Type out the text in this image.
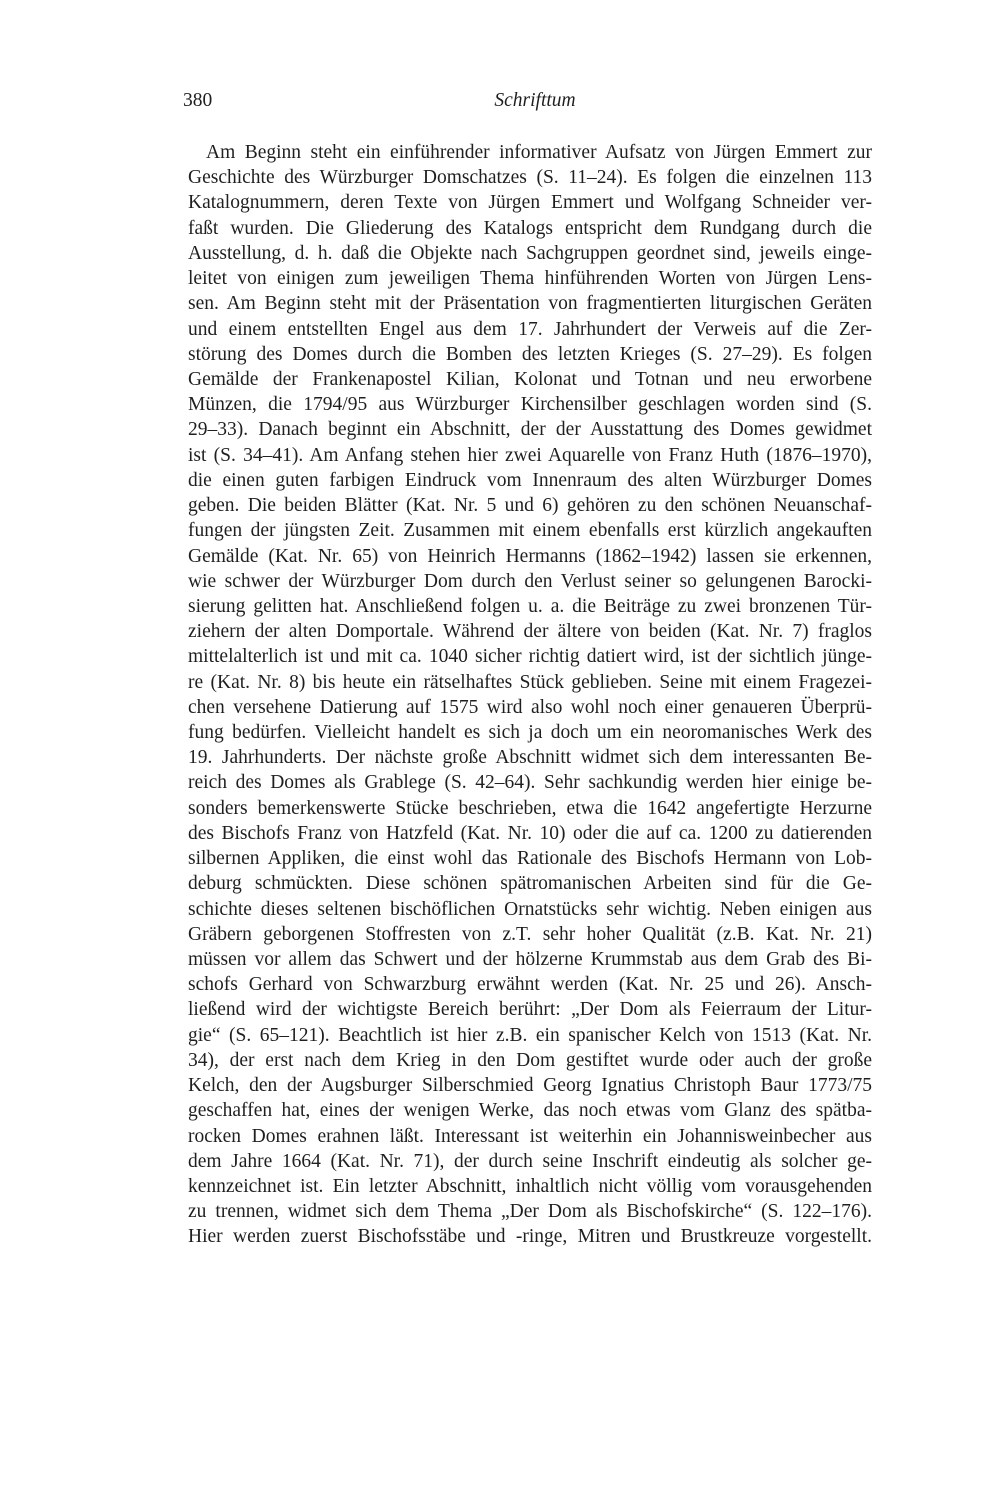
380	Schrifttum
Am Beginn steht ein einführender informativer Aufsatz von Jürgen Emmert zur
Geschichte des Würzburger Domschatzes (S. 11–24). Es folgen die einzelnen 113
Katalognummern, deren Texte von Jürgen Emmert und Wolfgang Schneider ver-
faßt wurden. Die Gliederung des Katalogs entspricht dem Rundgang durch die
Ausstellung, d. h. daß die Objekte nach Sachgruppen geordnet sind, jeweils einge-
leitet von einigen zum jeweiligen Thema hinführenden Worten von Jürgen Lens-
sen. Am Beginn steht mit der Präsentation von fragmentierten liturgischen Geräten
und einem entstellten Engel aus dem 17. Jahrhundert der Verweis auf die Zer-
störung des Domes durch die Bomben des letzten Krieges (S. 27–29). Es folgen
Gemälde der Frankenapostel Kilian, Kolonat und Totnan und neu erworbene
Münzen, die 1794/95 aus Würzburger Kirchensilber geschlagen worden sind (S.
29–33). Danach beginnt ein Abschnitt, der der Ausstattung des Domes gewidmet
ist (S. 34–41). Am Anfang stehen hier zwei Aquarelle von Franz Huth (1876–1970),
die einen guten farbigen Eindruck vom Innenraum des alten Würzburger Domes
geben. Die beiden Blätter (Kat. Nr. 5 und 6) gehören zu den schönen Neuanschaf-
fungen der jüngsten Zeit. Zusammen mit einem ebenfalls erst kürzlich angekauften
Gemälde (Kat. Nr. 65) von Heinrich Hermanns (1862–1942) lassen sie erkennen,
wie schwer der Würzburger Dom durch den Verlust seiner so gelungenen Barocki-
sierung gelitten hat. Anschließend folgen u. a. die Beiträge zu zwei bronzenen Tür-
ziehern der alten Domportale. Während der ältere von beiden (Kat. Nr. 7) fraglos
mittelalterlich ist und mit ca. 1040 sicher richtig datiert wird, ist der sichtlich jünge-
re (Kat. Nr. 8) bis heute ein rätselhaftes Stück geblieben. Seine mit einem Fragezei-
chen versehene Datierung auf 1575 wird also wohl noch einer genaueren Überprü-
fung bedürfen. Vielleicht handelt es sich ja doch um ein neoromanisches Werk des
19. Jahrhunderts. Der nächste große Abschnitt widmet sich dem interessanten Be-
reich des Domes als Grablege (S. 42–64). Sehr sachkundig werden hier einige be-
sonders bemerkenswerte Stücke beschrieben, etwa die 1642 angefertigte Herzurne
des Bischofs Franz von Hatzfeld (Kat. Nr. 10) oder die auf ca. 1200 zu datierenden
silbernen Appliken, die einst wohl das Rationale des Bischofs Hermann von Lob-
deburg schmückten. Diese schönen spätromanischen Arbeiten sind für die Ge-
schichte dieses seltenen bischöflichen Ornatstücks sehr wichtig. Neben einigen aus
Gräbern geborgenen Stoffresten von z.T. sehr hoher Qualität (z.B. Kat. Nr. 21)
müssen vor allem das Schwert und der hölzerne Krummstab aus dem Grab des Bi-
schofs Gerhard von Schwarzburg erwähnt werden (Kat. Nr. 25 und 26). Ansch-
ließend wird der wichtigste Bereich berührt: „Der Dom als Feierraum der Litur-
gie“ (S. 65–121). Beachtlich ist hier z.B. ein spanischer Kelch von 1513 (Kat. Nr.
34), der erst nach dem Krieg in den Dom gestiftet wurde oder auch der große
Kelch, den der Augsburger Silberschmied Georg Ignatius Christoph Baur 1773/75
geschaffen hat, eines der wenigen Werke, das noch etwas vom Glanz des spätba-
rocken Domes erahnen läßt. Interessant ist weiterhin ein Johannisweinbecher aus
dem Jahre 1664 (Kat. Nr. 71), der durch seine Inschrift eindeutig als solcher ge-
kennzeichnet ist. Ein letzter Abschnitt, inhaltlich nicht völlig vom vorausgehenden
zu trennen, widmet sich dem Thema „Der Dom als Bischofskirche“ (S. 122–176).
Hier werden zuerst Bischofsstäbe und -ringe, Mitren und Brustkreuze vorgestellt.
